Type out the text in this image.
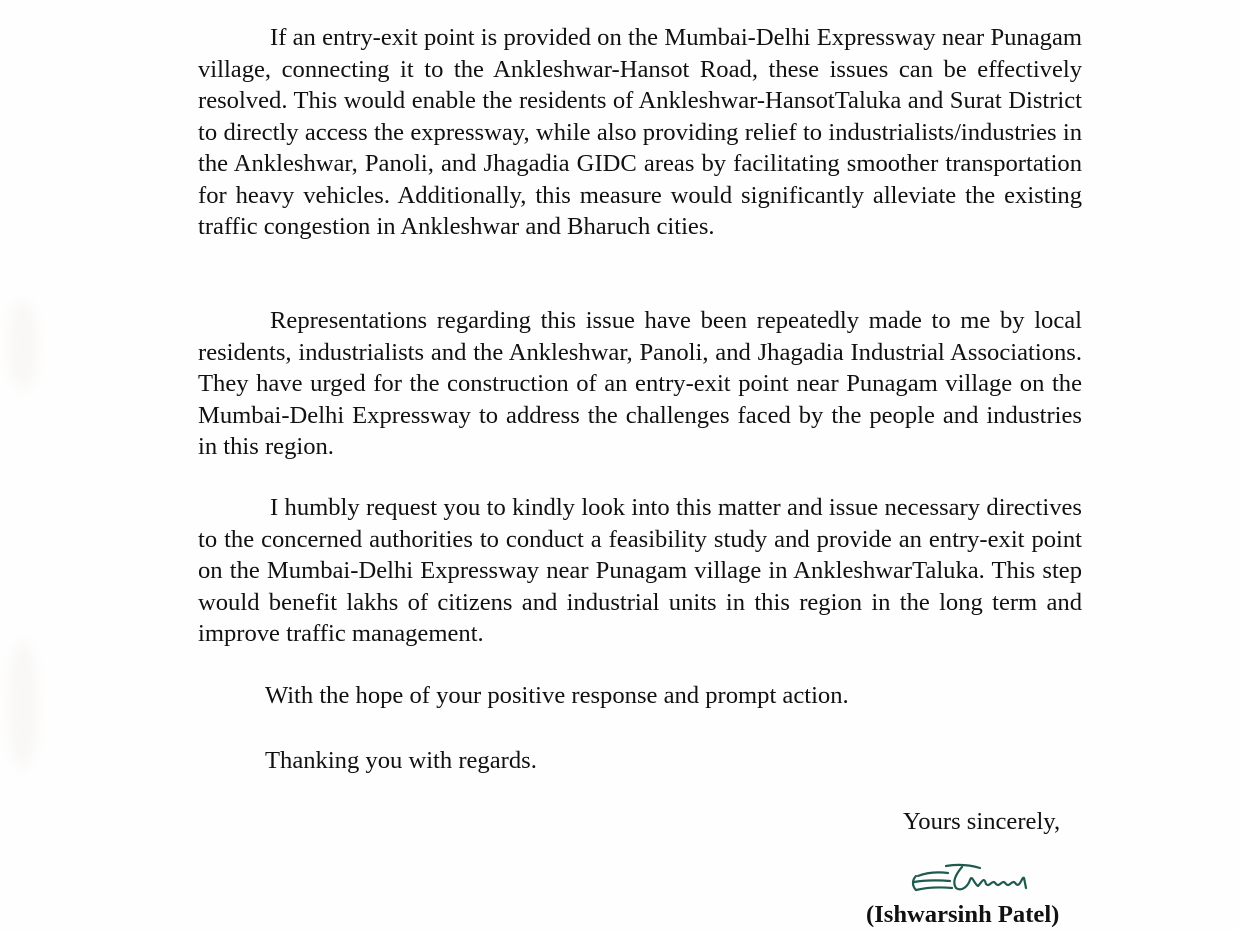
If an entry-exit point is provided on the Mumbai-Delhi Expressway near Punagam village, connecting it to the Ankleshwar-Hansot Road, these issues can be effectively resolved. This would enable the residents of Ankleshwar-HansotTaluka and Surat District to directly access the expressway, while also providing relief to industrialists/industries in the Ankleshwar, Panoli, and Jhagadia GIDC areas by facilitating smoother transportation for heavy vehicles. Additionally, this measure would significantly alleviate the existing traffic congestion in Ankleshwar and Bharuch cities.

Representations regarding this issue have been repeatedly made to me by local residents, industrialists and the Ankleshwar, Panoli, and Jhagadia Industrial Associations. They have urged for the construction of an entry-exit point near Punagam village on the Mumbai-Delhi Expressway to address the challenges faced by the people and industries in this region.

I humbly request you to kindly look into this matter and issue necessary directives to the concerned authorities to conduct a feasibility study and provide an entry-exit point on the Mumbai-Delhi Expressway near Punagam village in AnkleshwarTaluka. This step would benefit lakhs of citizens and industrial units in this region in the long term and improve traffic management.

With the hope of your positive response and prompt action.

Thanking you with regards.

Yours sincerely,

(Ishwarsinh Patel)
